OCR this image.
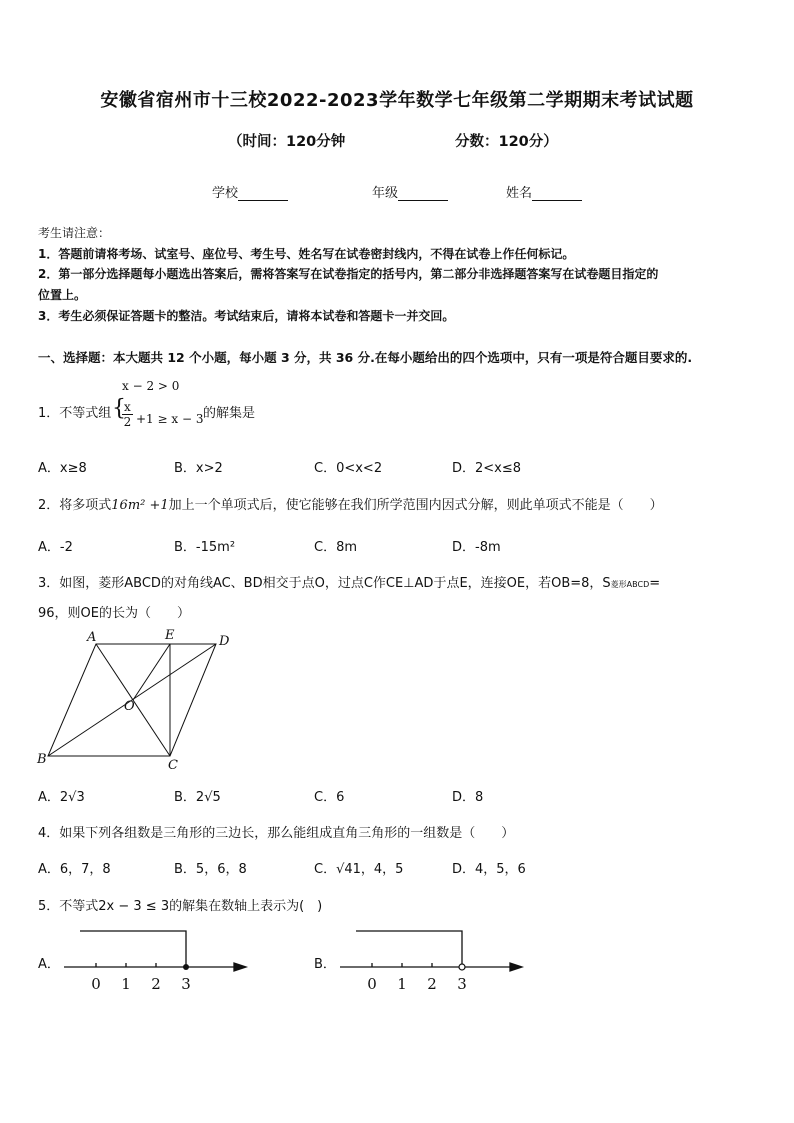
安徽省宿州市十三校2022-2023学年数学七年级第二学期期末考试试题
（时间：120分钟	分数：120分）
学校	年级	姓名
考生请注意：
1．答题前请将考场、试室号、座位号、考生号、姓名写在试卷密封线内，不得在试卷上作任何标记。
2．第一部分选择题每小题选出答案后，需将答案写在试卷指定的括号内，第二部分非选择题答案写在试卷题目指定的
位置上。
3．考生必须保证答题卡的整洁。考试结束后，请将本试卷和答题卡一并交回。
一、选择题：本大题共 12 个小题，每小题 3 分，共 36 分.在每小题给出的四个选项中，只有一项是符合题目要求的.
x − 2 > 0
1．不等式组 {
$\frac{x}{2} +1 \ge x - 3$ 的解集是
A．x≥8	B．x>2	C．0<x<2	D．2<x≤8
2．将多项式16m² +1加上一个单项式后，使它能够在我们所学范围内因式分解，则此单项式不能是（　　）
A．-2	B．-15m²	C．8m	D．-8m
3．如图，菱形ABCD的对角线AC、BD相交于点O，过点C作CE⊥AD于点E，连接OE，若OB=8，S菱形ABCD=
96，则OE的长为（　　）
A	E	D
O
B	C
A．2√3	B．2√5	C．6	D．8
4．如果下列各组数是三角形的三边长，那么能组成直角三角形的一组数是（　　）
A．6，7，8	B．5，6，8	C．√41，4，5	D．4，5，6
5．不等式2x − 3 ≤ 3的解集在数轴上表示为(　)
A．
0 1 2 3
B．
0 1 2 3
